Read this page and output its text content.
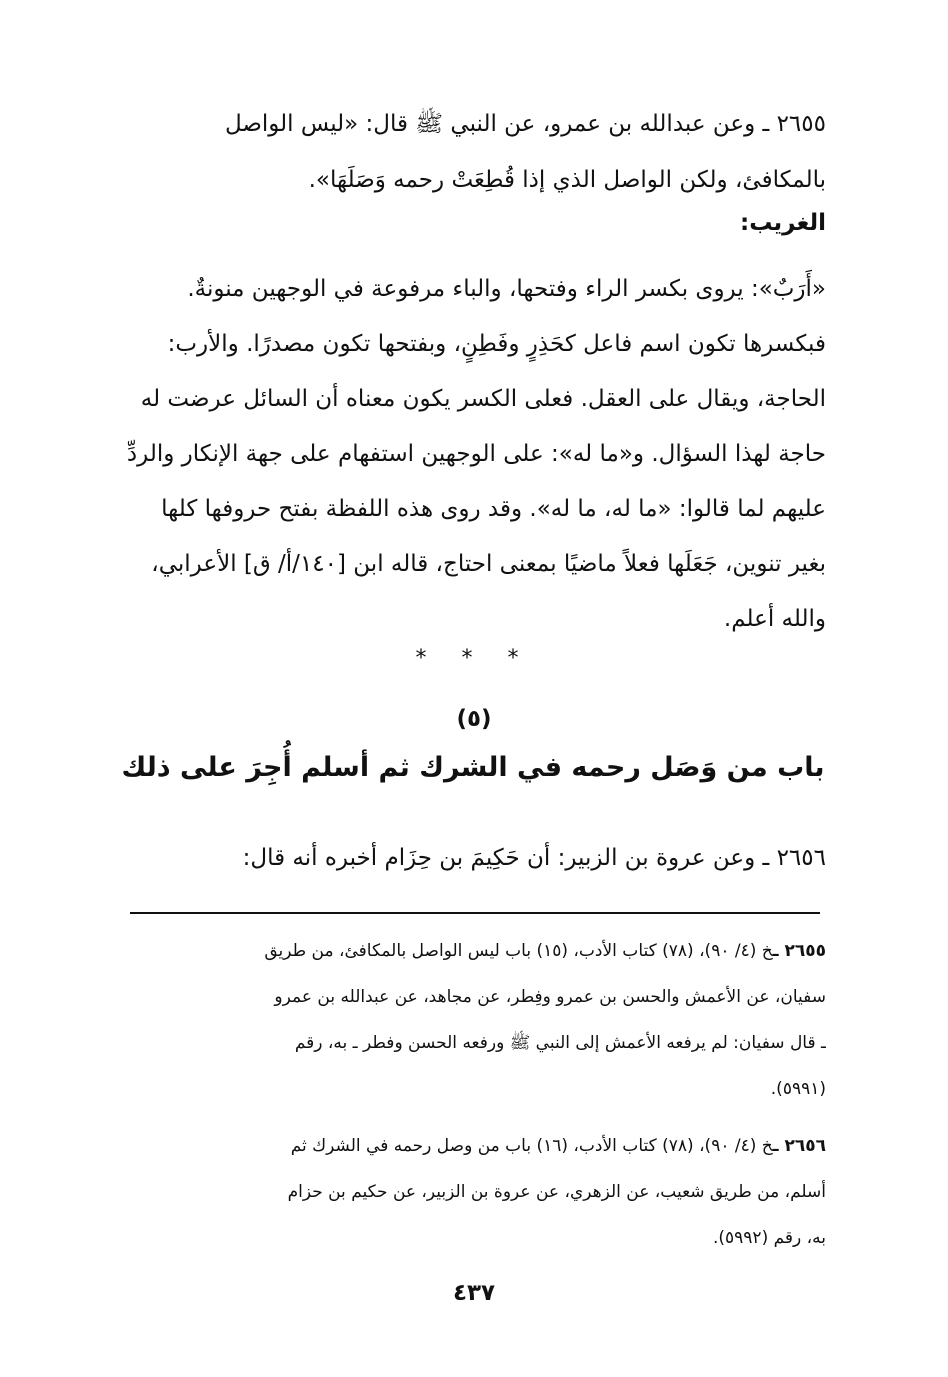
٢٦٥٥ ـ وعن عبدالله بن عمرو، عن النبي ﷺ قال: «ليس الواصل
بالمكافئ، ولكن الواصل الذي إذا قُطِعَتْ رحمه وَصَلَهَا».
الغريب:
«أَرَبٌ»: يروى بكسر الراء وفتحها، والباء مرفوعة في الوجهين منونةٌ.
فبكسرها تكون اسم فاعل كحَذِرٍ وفَطِنٍ، وبفتحها تكون مصدرًا. والأرب:
الحاجة، ويقال على العقل. فعلى الكسر يكون معناه أن السائل عرضت له
حاجة لهذا السؤال. و«ما له»: على الوجهين استفهام على جهة الإنكار والردِّ
عليهم لما قالوا: «ما له، ما له». وقد روى هذه اللفظة بفتح حروفها كلها
بغير تنوين، جَعَلَها فعلاً ماضيًا بمعنى احتاج، قاله ابن [١٤٠/أ/ ق] الأعرابي،
والله أعلم.
* * *
(٥)
باب من وَصَل رحمه في الشرك ثم أسلم أُجِرَ على ذلك
٢٦٥٦ ـ وعن عروة بن الزبير: أن حَكِيمَ بن حِزَام أخبره أنه قال:
٢٦٥٥ ـخ (٤/ ٩٠)، (٧٨) كتاب الأدب، (١٥) باب ليس الواصل بالمكافئ، من طريق
سفيان، عن الأعمش والحسن بن عمرو وفِطر، عن مجاهد، عن عبدالله بن عمرو
ـ قال سفيان: لم يرفعه الأعمش إلى النبي ﷺ ورفعه الحسن وفطر ـ به، رقم
(٥٩٩١).
٢٦٥٦ ـخ (٤/ ٩٠)، (٧٨) كتاب الأدب، (١٦) باب من وصل رحمه في الشرك ثم
أسلم، من طريق شعيب، عن الزهري، عن عروة بن الزبير، عن حكيم بن حزام
به، رقم (٥٩٩٢).
٤٣٧
